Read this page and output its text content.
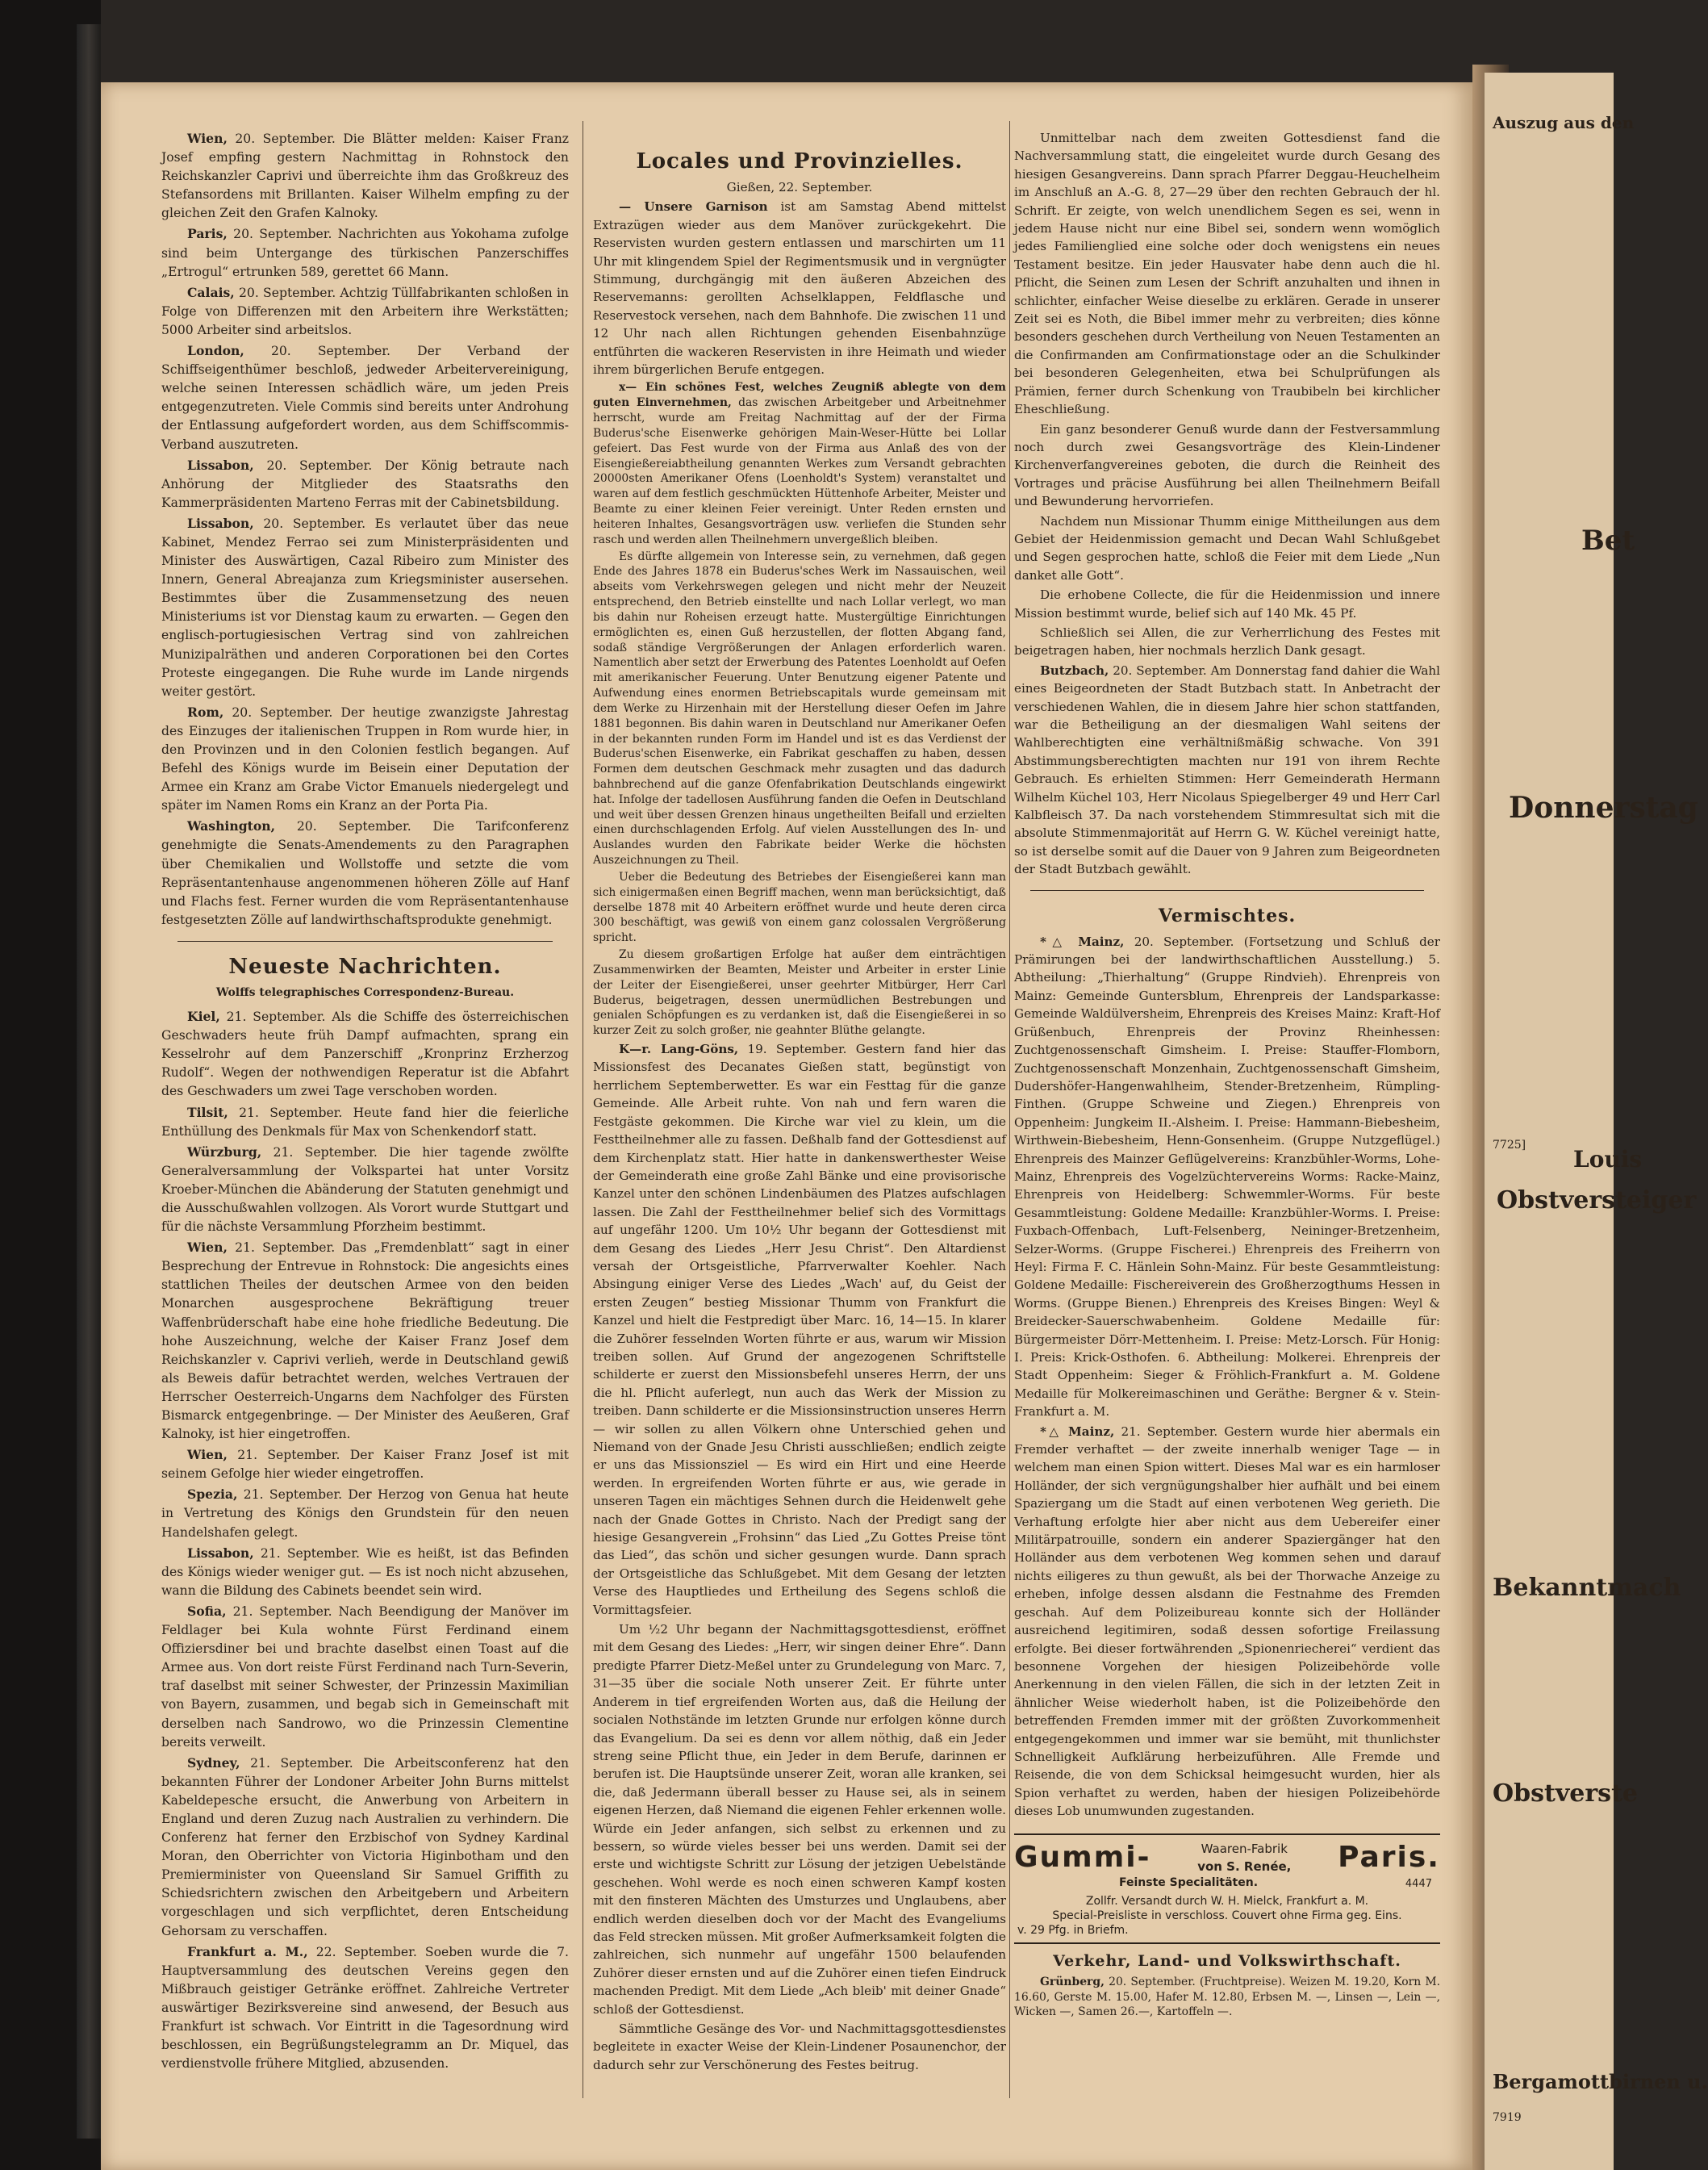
Auszug aus den
Bet
Donnerstag
7725]
Louis
Obstversteiger
Bekanntmach
Obstverste
Bergamottbirnen u.
7919

Wien, 20. September. Die Blätter melden: Kaiser Franz Josef empfing gestern Nachmittag in Rohnstock den Reichskanzler Caprivi und überreichte ihm das Großkreuz des Stefansordens mit Brillanten. Kaiser Wilhelm empfing zu der gleichen Zeit den Grafen Kalnoky.

Paris, 20. September. Nachrichten aus Yokohama zufolge sind beim Untergange des türkischen Panzerschiffes „Ertrogul“ ertrunken 589, gerettet 66 Mann.

Calais, 20. September. Achtzig Tüllfabrikanten schloßen in Folge von Differenzen mit den Arbeitern ihre Werkstätten; 5000 Arbeiter sind arbeitslos.

London, 20. September. Der Verband der Schiffseigenthümer beschloß, jedweder Arbeitervereinigung, welche seinen Interessen schädlich wäre, um jeden Preis entgegenzutreten. Viele Commis sind bereits unter Androhung der Entlassung aufgefordert worden, aus dem Schiffscommis-Verband auszutreten.

Lissabon, 20. September. Der König betraute nach Anhörung der Mitglieder des Staatsraths den Kammerpräsidenten Marteno Ferras mit der Cabinetsbildung.

Lissabon, 20. September. Es verlautet über das neue Kabinet, Mendez Ferrao sei zum Ministerpräsidenten und Minister des Auswärtigen, Cazal Ribeiro zum Minister des Innern, General Abreajanza zum Kriegsminister ausersehen. Bestimmtes über die Zusammensetzung des neuen Ministeriums ist vor Dienstag kaum zu erwarten. — Gegen den englisch-portugiesischen Vertrag sind von zahlreichen Munizipalräthen und anderen Corporationen bei den Cortes Proteste eingegangen. Die Ruhe wurde im Lande nirgends weiter gestört.

Rom, 20. September. Der heutige zwanzigste Jahrestag des Einzuges der italienischen Truppen in Rom wurde hier, in den Provinzen und in den Colonien festlich begangen. Auf Befehl des Königs wurde im Beisein einer Deputation der Armee ein Kranz am Grabe Victor Emanuels niedergelegt und später im Namen Roms ein Kranz an der Porta Pia.

Washington, 20. September. Die Tarifconferenz genehmigte die Senats-Amendements zu den Paragraphen über Chemikalien und Wollstoffe und setzte die vom Repräsentantenhause angenommenen höheren Zölle auf Hanf und Flachs fest. Ferner wurden die vom Repräsentantenhause festgesetzten Zölle auf landwirthschaftsprodukte genehmigt.

Neueste Nachrichten.
Wolffs telegraphisches Correspondenz-Bureau.

Kiel, 21. September. Als die Schiffe des österreichischen Geschwaders heute früh Dampf aufmachten, sprang ein Kesselrohr auf dem Panzerschiff „Kronprinz Erzherzog Rudolf“. Wegen der nothwendigen Reperatur ist die Abfahrt des Geschwaders um zwei Tage verschoben worden.

Tilsit, 21. September. Heute fand hier die feierliche Enthüllung des Denkmals für Max von Schenkendorf statt.

Würzburg, 21. September. Die hier tagende zwölfte Generalversammlung der Volkspartei hat unter Vorsitz Kroeber-München die Abänderung der Statuten genehmigt und die Ausschußwahlen vollzogen. Als Vorort wurde Stuttgart und für die nächste Versammlung Pforzheim bestimmt.

Wien, 21. September. Das „Fremdenblatt“ sagt in einer Besprechung der Entrevue in Rohnstock: Die angesichts eines stattlichen Theiles der deutschen Armee von den beiden Monarchen ausgesprochene Bekräftigung treuer Waffenbrüderschaft habe eine hohe friedliche Bedeutung. Die hohe Auszeichnung, welche der Kaiser Franz Josef dem Reichskanzler v. Caprivi verlieh, werde in Deutschland gewiß als Beweis dafür betrachtet werden, welches Vertrauen der Herrscher Oesterreich-Ungarns dem Nachfolger des Fürsten Bismarck entgegenbringe. — Der Minister des Aeußeren, Graf Kalnoky, ist hier eingetroffen.

Wien, 21. September. Der Kaiser Franz Josef ist mit seinem Gefolge hier wieder eingetroffen.

Spezia, 21. September. Der Herzog von Genua hat heute in Vertretung des Königs den Grundstein für den neuen Handelshafen gelegt.

Lissabon, 21. September. Wie es heißt, ist das Befinden des Königs wieder weniger gut. — Es ist noch nicht abzusehen, wann die Bildung des Cabinets beendet sein wird.

Sofia, 21. September. Nach Beendigung der Manöver im Feldlager bei Kula wohnte Fürst Ferdinand einem Offiziersdiner bei und brachte daselbst einen Toast auf die Armee aus. Von dort reiste Fürst Ferdinand nach Turn-Severin, traf daselbst mit seiner Schwester, der Prinzessin Maximilian von Bayern, zusammen, und begab sich in Gemeinschaft mit derselben nach Sandrowo, wo die Prinzessin Clementine bereits verweilt.

Sydney, 21. September. Die Arbeitsconferenz hat den bekannten Führer der Londoner Arbeiter John Burns mittelst Kabeldepesche ersucht, die Anwerbung von Arbeitern in England und deren Zuzug nach Australien zu verhindern. Die Conferenz hat ferner den Erzbischof von Sydney Kardinal Moran, den Oberrichter von Victoria Higinbotham und den Premierminister von Queensland Sir Samuel Griffith zu Schiedsrichtern zwischen den Arbeitgebern und Arbeitern vorgeschlagen und sich verpflichtet, deren Entscheidung Gehorsam zu verschaffen.

Frankfurt a. M., 22. September. Soeben wurde die 7. Hauptversammlung des deutschen Vereins gegen den Mißbrauch geistiger Getränke eröffnet. Zahlreiche Vertreter auswärtiger Bezirksvereine sind anwesend, der Besuch aus Frankfurt ist schwach. Vor Eintritt in die Tagesordnung wird beschlossen, ein Begrüßungstelegramm an Dr. Miquel, das verdienstvolle frühere Mitglied, abzusenden.

Locales und Provinzielles.

Gießen, 22. September.

— Unsere Garnison ist am Samstag Abend mittelst Extrazügen wieder aus dem Manöver zurückgekehrt. Die Reservisten wurden gestern entlassen und marschirten um 11 Uhr mit klingendem Spiel der Regimentsmusik und in vergnügter Stimmung, durchgängig mit den äußeren Abzeichen des Reservemanns: gerollten Achselklappen, Feldflasche und Reservestock versehen, nach dem Bahnhofe. Die zwischen 11 und 12 Uhr nach allen Richtungen gehenden Eisenbahnzüge entführten die wackeren Reservisten in ihre Heimath und wieder ihrem bürgerlichen Berufe entgegen.

x— Ein schönes Fest, welches Zeugniß ablegte von dem guten Einvernehmen, das zwischen Arbeitgeber und Arbeitnehmer herrscht, wurde am Freitag Nachmittag auf der der Firma Buderus'sche Eisenwerke gehörigen Main-Weser-Hütte bei Lollar gefeiert. Das Fest wurde von der Firma aus Anlaß des von der Eisengießereiabtheilung genannten Werkes zum Versandt gebrachten 20000sten Amerikaner Ofens (Loenholdt's System) veranstaltet und waren auf dem festlich geschmückten Hüttenhofe Arbeiter, Meister und Beamte zu einer kleinen Feier vereinigt. Unter Reden ernsten und heiteren Inhaltes, Gesangsvorträgen usw. verliefen die Stunden sehr rasch und werden allen Theilnehmern unvergeßlich bleiben.

Es dürfte allgemein von Interesse sein, zu vernehmen, daß gegen Ende des Jahres 1878 ein Buderus'sches Werk im Nassauischen, weil abseits vom Verkehrswegen gelegen und nicht mehr der Neuzeit entsprechend, den Betrieb einstellte und nach Lollar verlegt, wo man bis dahin nur Roheisen erzeugt hatte. Mustergültige Einrichtungen ermöglichten es, einen Guß herzustellen, der flotten Abgang fand, sodaß ständige Vergrößerungen der Anlagen erforderlich waren. Namentlich aber setzt der Erwerbung des Patentes Loenholdt auf Oefen mit amerikanischer Feuerung. Unter Benutzung eigener Patente und Aufwendung eines enormen Betriebscapitals wurde gemeinsam mit dem Werke zu Hirzenhain mit der Herstellung dieser Oefen im Jahre 1881 begonnen. Bis dahin waren in Deutschland nur Amerikaner Oefen in der bekannten runden Form im Handel und ist es das Verdienst der Buderus'schen Eisenwerke, ein Fabrikat geschaffen zu haben, dessen Formen dem deutschen Geschmack mehr zusagten und das dadurch bahnbrechend auf die ganze Ofenfabrikation Deutschlands eingewirkt hat. Infolge der tadellosen Ausführung fanden die Oefen in Deutschland und weit über dessen Grenzen hinaus ungetheilten Beifall und erzielten einen durchschlagenden Erfolg. Auf vielen Ausstellungen des In- und Auslandes wurden den Fabrikate beider Werke die höchsten Auszeichnungen zu Theil.

Ueber die Bedeutung des Betriebes der Eisengießerei kann man sich einigermaßen einen Begriff machen, wenn man berücksichtigt, daß derselbe 1878 mit 40 Arbeitern eröffnet wurde und heute deren circa 300 beschäftigt, was gewiß von einem ganz colossalen Vergrößerung spricht.

Zu diesem großartigen Erfolge hat außer dem einträchtigen Zusammenwirken der Beamten, Meister und Arbeiter in erster Linie der Leiter der Eisengießerei, unser geehrter Mitbürger, Herr Carl Buderus, beigetragen, dessen unermüdlichen Bestrebungen und genialen Schöpfungen es zu verdanken ist, daß die Eisengießerei in so kurzer Zeit zu solch großer, nie geahnter Blüthe gelangte.

K—r. Lang-Göns, 19. September. Gestern fand hier das Missionsfest des Decanates Gießen statt, begünstigt von herrlichem Septemberwetter. Es war ein Festtag für die ganze Gemeinde. Alle Arbeit ruhte. Von nah und fern waren die Festgäste gekommen. Die Kirche war viel zu klein, um die Festtheilnehmer alle zu fassen. Deßhalb fand der Gottesdienst auf dem Kirchenplatz statt. Hier hatte in dankenswerthester Weise der Gemeinderath eine große Zahl Bänke und eine provisorische Kanzel unter den schönen Lindenbäumen des Platzes aufschlagen lassen. Die Zahl der Festtheilnehmer belief sich des Vormittags auf ungefähr 1200. Um 10½ Uhr begann der Gottesdienst mit dem Gesang des Liedes „Herr Jesu Christ“. Den Altardienst versah der Ortsgeistliche, Pfarrverwalter Koehler. Nach Absingung einiger Verse des Liedes „Wach' auf, du Geist der ersten Zeugen“ bestieg Missionar Thumm von Frankfurt die Kanzel und hielt die Festpredigt über Marc. 16, 14—15. In klarer die Zuhörer fesselnden Worten führte er aus, warum wir Mission treiben sollen. Auf Grund der angezogenen Schriftstelle schilderte er zuerst den Missionsbefehl unseres Herrn, der uns die hl. Pflicht auferlegt, nun auch das Werk der Mission zu treiben. Dann schilderte er die Missionsinstruction unseres Herrn — wir sollen zu allen Völkern ohne Unterschied gehen und Niemand von der Gnade Jesu Christi ausschließen; endlich zeigte er uns das Missionsziel — Es wird ein Hirt und eine Heerde werden. In ergreifenden Worten führte er aus, wie gerade in unseren Tagen ein mächtiges Sehnen durch die Heidenwelt gehe nach der Gnade Gottes in Christo. Nach der Predigt sang der hiesige Gesangverein „Frohsinn“ das Lied „Zu Gottes Preise tönt das Lied“, das schön und sicher gesungen wurde. Dann sprach der Ortsgeistliche das Schlußgebet. Mit dem Gesang der letzten Verse des Hauptliedes und Ertheilung des Segens schloß die Vormittagsfeier.

Um ½2 Uhr begann der Nachmittagsgottesdienst, eröffnet mit dem Gesang des Liedes: „Herr, wir singen deiner Ehre“. Dann predigte Pfarrer Dietz-Meßel unter zu Grundelegung von Marc. 7, 31—35 über die sociale Noth unserer Zeit. Er führte unter Anderem in tief ergreifenden Worten aus, daß die Heilung der socialen Nothstände im letzten Grunde nur erfolgen könne durch das Evangelium. Da sei es denn vor allem nöthig, daß ein Jeder streng seine Pflicht thue, ein Jeder in dem Berufe, darinnen er berufen ist. Die Hauptsünde unserer Zeit, woran alle kranken, sei die, daß Jedermann überall besser zu Hause sei, als in seinem eigenen Herzen, daß Niemand die eigenen Fehler erkennen wolle. Würde ein Jeder anfangen, sich selbst zu erkennen und zu bessern, so würde vieles besser bei uns werden. Damit sei der erste und wichtigste Schritt zur Lösung der jetzigen Uebelstände geschehen. Wohl werde es noch einen schweren Kampf kosten mit den finsteren Mächten des Umsturzes und Unglaubens, aber endlich werden dieselben doch vor der Macht des Evangeliums das Feld strecken müssen. Mit großer Aufmerksamkeit folgten die zahlreichen, sich nunmehr auf ungefähr 1500 belaufenden Zuhörer dieser ernsten und auf die Zuhörer einen tiefen Eindruck machenden Predigt. Mit dem Liede „Ach bleib' mit deiner Gnade“ schloß der Gottesdienst.

Sämmtliche Gesänge des Vor- und Nachmittagsgottesdienstes begleitete in exacter Weise der Klein-Lindener Posaunenchor, der dadurch sehr zur Verschönerung des Festes beitrug.

Unmittelbar nach dem zweiten Gottesdienst fand die Nachversammlung statt, die eingeleitet wurde durch Gesang des hiesigen Gesangvereins. Dann sprach Pfarrer Deggau-Heuchelheim im Anschluß an A.-G. 8, 27—29 über den rechten Gebrauch der hl. Schrift. Er zeigte, von welch unendlichem Segen es sei, wenn in jedem Hause nicht nur eine Bibel sei, sondern wenn womöglich jedes Familienglied eine solche oder doch wenigstens ein neues Testament besitze. Ein jeder Hausvater habe denn auch die hl. Pflicht, die Seinen zum Lesen der Schrift anzuhalten und ihnen in schlichter, einfacher Weise dieselbe zu erklären. Gerade in unserer Zeit sei es Noth, die Bibel immer mehr zu verbreiten; dies könne besonders geschehen durch Vertheilung von Neuen Testamenten an die Confirmanden am Confirmationstage oder an die Schulkinder bei besonderen Gelegenheiten, etwa bei Schulprüfungen als Prämien, ferner durch Schenkung von Traubibeln bei kirchlicher Eheschließung.

Ein ganz besonderer Genuß wurde dann der Festversammlung noch durch zwei Gesangsvorträge des Klein-Lindener Kirchenverfangvereines geboten, die durch die Reinheit des Vortrages und präcise Ausführung bei allen Theilnehmern Beifall und Bewunderung hervorriefen.

Nachdem nun Missionar Thumm einige Mittheilungen aus dem Gebiet der Heidenmission gemacht und Decan Wahl Schlußgebet und Segen gesprochen hatte, schloß die Feier mit dem Liede „Nun danket alle Gott“.

Die erhobene Collecte, die für die Heidenmission und innere Mission bestimmt wurde, belief sich auf 140 Mk. 45 Pf.

Schließlich sei Allen, die zur Verherrlichung des Festes mit beigetragen haben, hier nochmals herzlich Dank gesagt.

Butzbach, 20. September. Am Donnerstag fand dahier die Wahl eines Beigeordneten der Stadt Butzbach statt. In Anbetracht der verschiedenen Wahlen, die in diesem Jahre hier schon stattfanden, war die Betheiligung an der diesmaligen Wahl seitens der Wahlberechtigten eine verhältnißmäßig schwache. Von 391 Abstimmungsberechtigten machten nur 191 von ihrem Rechte Gebrauch. Es erhielten Stimmen: Herr Gemeinderath Hermann Wilhelm Küchel 103, Herr Nicolaus Spiegelberger 49 und Herr Carl Kalbfleisch 37. Da nach vorstehendem Stimmresultat sich mit die absolute Stimmenmajorität auf Herrn G. W. Küchel vereinigt hatte, so ist derselbe somit auf die Dauer von 9 Jahren zum Beigeordneten der Stadt Butzbach gewählt.

Vermischtes.

*△ Mainz, 20. September. (Fortsetzung und Schluß der Prämirungen bei der landwirthschaftlichen Ausstellung.) 5. Abtheilung: „Thierhaltung“ (Gruppe Rindvieh). Ehrenpreis von Mainz: Gemeinde Guntersblum, Ehrenpreis der Landsparkasse: Gemeinde Waldülversheim, Ehrenpreis des Kreises Mainz: Kraft-Hof Grüßenbuch, Ehrenpreis der Provinz Rheinhessen: Zuchtgenossenschaft Gimsheim. I. Preise: Stauffer-Flomborn, Zuchtgenossenschaft Monzenhain, Zuchtgenossenschaft Gimsheim, Dudershöfer-Hangenwahlheim, Stender-Bretzenheim, Rümpling-Finthen. (Gruppe Schweine und Ziegen.) Ehrenpreis von Oppenheim: Jungkeim II.-Alsheim. I. Preise: Hammann-Biebesheim, Wirthwein-Biebesheim, Henn-Gonsenheim. (Gruppe Nutzgeflügel.) Ehrenpreis des Mainzer Geflügelvereins: Kranzbühler-Worms, Lohe-Mainz, Ehrenpreis des Vogelzüchtervereins Worms: Racke-Mainz, Ehrenpreis von Heidelberg: Schwemmler-Worms. Für beste Gesammtleistung: Goldene Medaille: Kranzbühler-Worms. I. Preise: Fuxbach-Offenbach, Luft-Felsenberg, Neininger-Bretzenheim, Selzer-Worms. (Gruppe Fischerei.) Ehrenpreis des Freiherrn von Heyl: Firma F. C. Hänlein Sohn-Mainz. Für beste Gesammtleistung: Goldene Medaille: Fischereiverein des Großherzogthums Hessen in Worms. (Gruppe Bienen.) Ehrenpreis des Kreises Bingen: Weyl & Breidecker-Sauerschwabenheim. Goldene Medaille für: Bürgermeister Dörr-Mettenheim. I. Preise: Metz-Lorsch. Für Honig: I. Preis: Krick-Osthofen. 6. Abtheilung: Molkerei. Ehrenpreis der Stadt Oppenheim: Sieger & Fröhlich-Frankfurt a. M. Goldene Medaille für Molkereimaschinen und Geräthe: Bergner & v. Stein-Frankfurt a. M.

*△ Mainz, 21. September. Gestern wurde hier abermals ein Fremder verhaftet — der zweite innerhalb weniger Tage — in welchem man einen Spion wittert. Dieses Mal war es ein harmloser Holländer, der sich vergnügungshalber hier aufhält und bei einem Spaziergang um die Stadt auf einen verbotenen Weg gerieth. Die Verhaftung erfolgte hier aber nicht aus dem Uebereifer einer Militärpatrouille, sondern ein anderer Spaziergänger hat den Holländer aus dem verbotenen Weg kommen sehen und darauf nichts eiligeres zu thun gewußt, als bei der Thorwache Anzeige zu erheben, infolge dessen alsdann die Festnahme des Fremden geschah. Auf dem Polizeibureau konnte sich der Holländer ausreichend legitimiren, sodaß dessen sofortige Freilassung erfolgte. Bei dieser fortwährenden „Spionenriecherei“ verdient das besonnene Vorgehen der hiesigen Polizeibehörde volle Anerkennung in den vielen Fällen, die sich in der letzten Zeit in ähnlicher Weise wiederholt haben, ist die Polizeibehörde den betreffenden Fremden immer mit der größten Zuvorkommenheit entgegengekommen und immer war sie bemüht, mit thunlichster Schnelligkeit Aufklärung herbeizuführen. Alle Fremde und Reisende, die von dem Schicksal heimgesucht wurden, hier als Spion verhaftet zu werden, haben der hiesigen Polizeibehörde dieses Lob unumwunden zugestanden.

Gummi-	Waaren-Fabrik
von S. Renée, Paris.
Feinste Specialitäten.	4447
Zollfr. Versandt durch W. H. Mielck, Frankfurt a. M.
Special-Preisliste in verschloss. Couvert ohne Firma geg. Eins.
v. 29 Pfg. in Briefm.
Verkehr, Land- und Volkswirthschaft.

Grünberg, 20. September. (Fruchtpreise). Weizen M. 19.20, Korn M. 16.60, Gerste M. 15.00, Hafer M. 12.80, Erbsen M. —, Linsen —, Lein —, Wicken —, Samen 26.—, Kartoffeln —.
